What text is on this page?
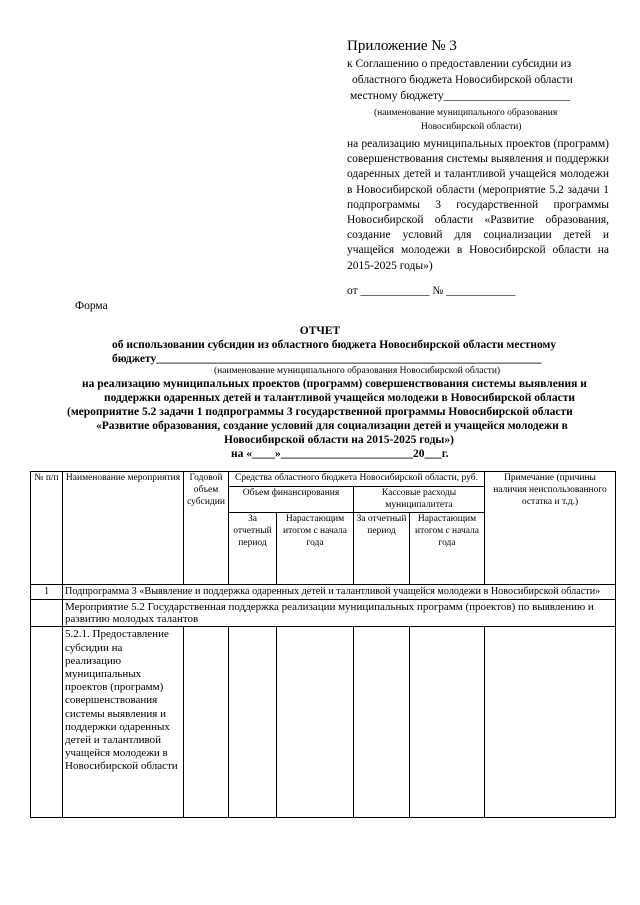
Приложение № 3
к Соглашению о предоставлении субсидии из
областного бюджета Новосибирской области
местному бюджету______________________
(наименование муниципального образования
Новосибирской области)
на реализацию муниципальных проектов (программ) совершенствования системы выявления и поддержки одаренных детей и талантливой учащейся молодежи в Новосибирской области (мероприятие 5.2 задачи 1 подпрограммы 3 государственной программы Новосибирской области «Развитие образования, создание условий для социализации детей и учащейся молодежи в Новосибирской области на 2015-2025 годы»)
от ____________ № ____________
Форма
ОТЧЕТ
об использовании субсидии из областного бюджета Новосибирской области местному
бюджету___________________________________________________________________
(наименование муниципального образования Новосибирской области)
на реализацию муниципальных проектов (программ) совершенствования системы выявления и
поддержки одаренных детей и талантливой учащейся молодежи в Новосибирской области
(мероприятие 5.2 задачи 1 подпрограммы 3 государственной программы Новосибирской области
«Развитие образования, создание условий для социализации детей и учащейся молодежи в
Новосибирской области на 2015-2025 годы»)
на «____»_______________________20___г.
№ п/п	Наименование мероприятия	Годовой объем субсидии	Средства областного бюджета Новосибирской области, руб.				Примечание (причины наличия неиспользованного остатка и т.д.)
			Объем финансирования		Кассовые расходы муниципалитета		
			За отчетный период	Нарастающим итогом с начала года	За отчетный период	Нарастающим итогом с начала года	
1	Подпрограмма 3 «Выявление и поддержка одаренных детей и талантливой учащейся молодежи в Новосибирской области»						
	Мероприятие 5.2 Государственная поддержка реализации муниципальных программ (проектов) по выявлению и развитию молодых талантов						
	5.2.1. Предоставление субсидии на реализацию муниципальных проектов (программ) совершенствования системы выявления и поддержки одаренных детей и талантливой учащейся молодежи в Новосибирской области						
